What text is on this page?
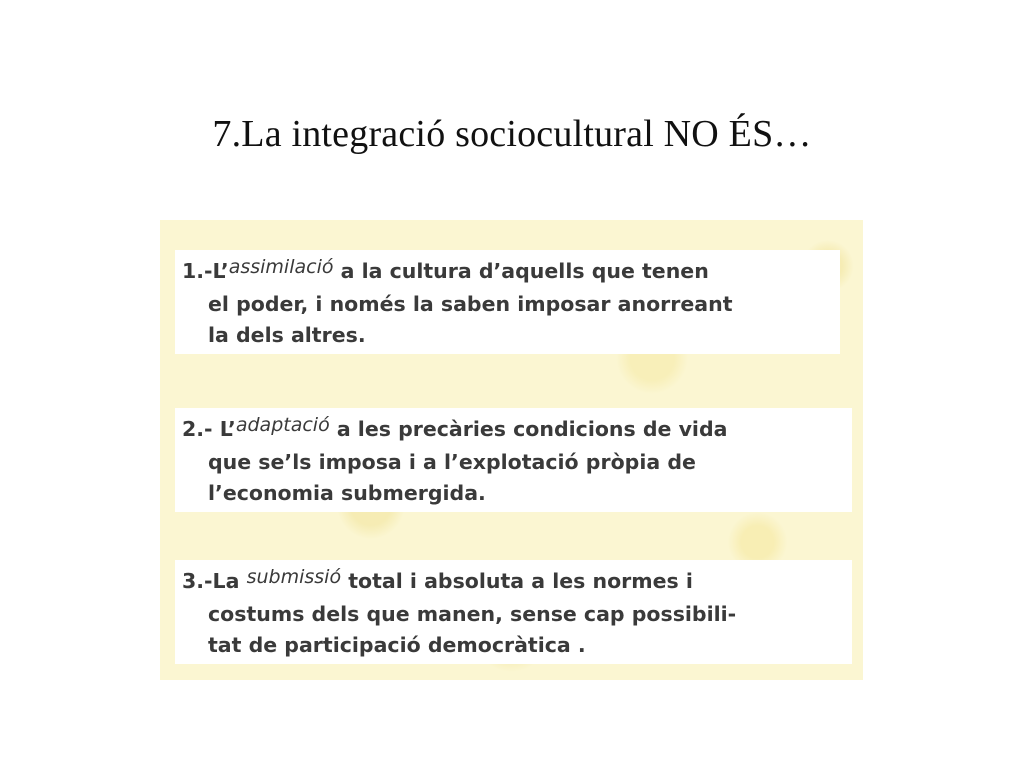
7.La integració sociocultural NO ÉS…
1.-L’assimilació a la cultura d’aquells que tenen
el poder, i només la saben imposar anorreant
la dels altres.
2.- L’adaptació a les precàries condicions de vida
que se’ls imposa i a l’explotació pròpia de
l’economia submergida.
3.-La submissió total i absoluta a les normes i
costums dels que manen, sense cap possibili-
tat de participació democràtica .
